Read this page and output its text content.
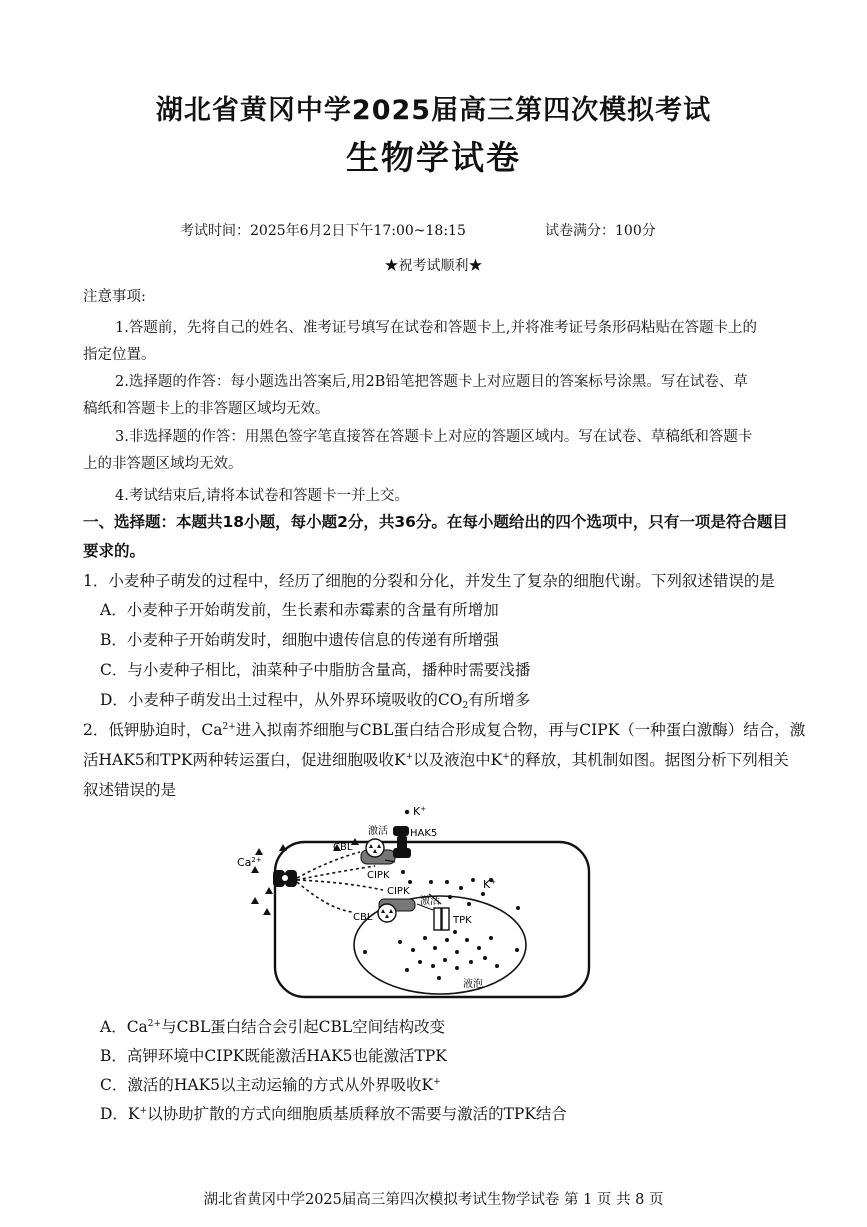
湖北省黄冈中学2025届高三第四次模拟考试
生物学试卷
考试时间：2025年6月2日下午17:00~18:15	试卷满分：100分
★祝考试顺利★
注意事项:
1.答题前，先将自己的姓名、准考证号填写在试卷和答题卡上,并将准考证号条形码粘贴在答题卡上的
指定位置。
2.选择题的作答：每小题选出答案后,用2B铅笔把答题卡上对应题目的答案标号涂黑。写在试卷、草
稿纸和答题卡上的非答题区域均无效。
3.非选择题的作答：用黑色签字笔直接答在答题卡上对应的答题区域内。写在试卷、草稿纸和答题卡
上的非答题区域均无效。
4.考试结束后,请将本试卷和答题卡一并上交。
一、选择题：本题共18小题，每小题2分，共36分。在每小题给出的四个选项中，只有一项是符合题目
要求的。
1．小麦种子萌发的过程中，经历了细胞的分裂和分化，并发生了复杂的细胞代谢。下列叙述错误的是
A．小麦种子开始萌发前，生长素和赤霉素的含量有所增加
B．小麦种子开始萌发时，细胞中遗传信息的传递有所增强
C．与小麦种子相比，油菜种子中脂肪含量高，播种时需要浅播
D．小麦种子萌发出土过程中，从外界环境吸收的$CO_2$有所增多
2．低钾胁迫时，$Ca^{2+}$进入拟南芥细胞与CBL蛋白结合形成复合物，再与CIPK（一种蛋白激酶）结合，激
活HAK5和TPK两种转运蛋白，促进细胞吸收K+以及液泡中K+的释放，其机制如图。据图分析下列相关
叙述错误的是
K+
激活 HAK5
$Ca^{2+}$
CBL
CIPK
CIPK
激活
K+
CBL	TPK
液泡
A．$Ca^{2+}$与CBL蛋白结合会引起CBL空间结构改变
B．高钾环境中CIPK既能激活HAK5也能激活TPK
C．激活的HAK5以主动运输的方式从外界吸收K+
D．K+以协助扩散的方式向细胞质基质释放不需要与激活的TPK结合
湖北省黄冈中学2025届高三第四次模拟考试生物学试卷 第 1 页 共 8 页
